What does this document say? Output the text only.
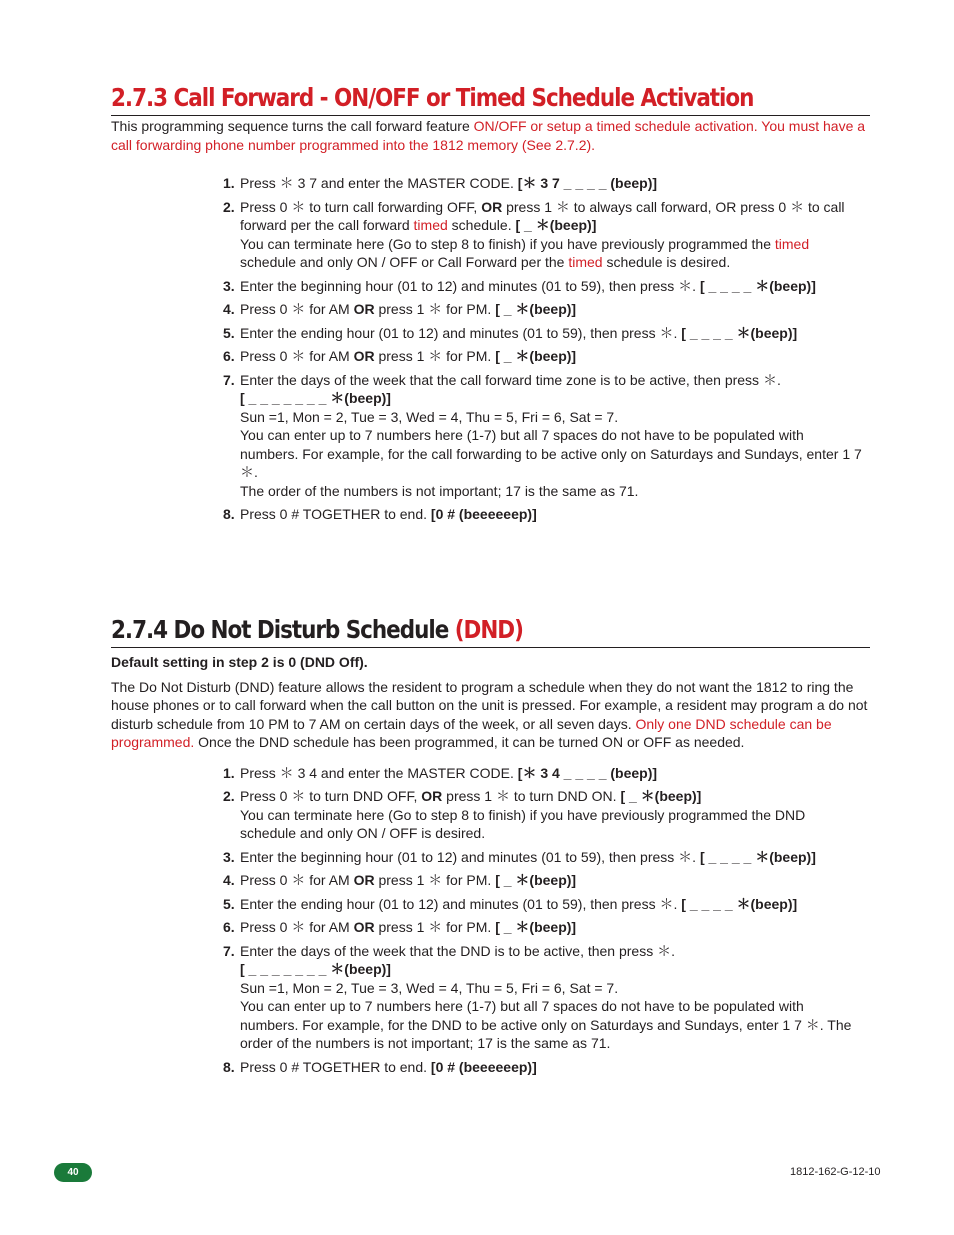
2.7.3 Call Forward - ON/OFF or Timed Schedule Activation
This programming sequence turns the call forward feature ON/OFF or setup a timed schedule activation. You must have a call forwarding phone number programmed into the 1812 memory (See 2.7.2).
1. Press ＊ 3 7 and enter the MASTER CODE. [＊ 3 7 _ _ _ _ (beep)]
2. Press 0 ＊ to turn call forwarding OFF, OR press 1 ＊ to always call forward, OR press 0 ＊ to call forward per the call forward timed schedule. [ _ ＊(beep)]
You can terminate here (Go to step 8 to finish) if you have previously programmed the timed schedule and only ON / OFF or Call Forward per the timed schedule is desired.
3. Enter the beginning hour (01 to 12) and minutes (01 to 59), then press ＊. [ _ _ _ _ ＊(beep)]
4. Press 0 ＊ for AM OR press 1 ＊ for PM. [ _ ＊(beep)]
5. Enter the ending hour (01 to 12) and minutes (01 to 59), then press ＊. [ _ _ _ _ ＊(beep)]
6. Press 0 ＊ for AM OR press 1 ＊ for PM. [ _ ＊(beep)]
7. Enter the days of the week that the call forward time zone is to be active, then press ＊.
[ _ _ _ _ _ _ _ ＊(beep)]
Sun =1, Mon = 2, Tue = 3, Wed = 4, Thu = 5, Fri = 6, Sat = 7.
You can enter up to 7 numbers here (1-7) but all 7 spaces do not have to be populated with numbers. For example, for the call forwarding to be active only on Saturdays and Sundays, enter 1 7 ＊.
The order of the numbers is not important; 17 is the same as 71.
8. Press 0 # TOGETHER to end. [0 # (beeeeeep)]
2.7.4 Do Not Disturb Schedule (DND)
Default setting in step 2 is 0 (DND Off).
The Do Not Disturb (DND) feature allows the resident to program a schedule when they do not want the 1812 to ring the house phones or to call forward when the call button on the unit is pressed. For example, a resident may program a do not disturb schedule from 10 PM to 7 AM on certain days of the week, or all seven days. Only one DND schedule can be programmed. Once the DND schedule has been programmed, it can be turned ON or OFF as needed.
1. Press ＊ 3 4 and enter the MASTER CODE. [＊ 3 4 _ _ _ _ (beep)]
2. Press 0 ＊ to turn DND OFF, OR press 1 ＊ to turn DND ON. [ _ ＊(beep)]
You can terminate here (Go to step 8 to finish) if you have previously programmed the DND schedule and only ON / OFF is desired.
3. Enter the beginning hour (01 to 12) and minutes (01 to 59), then press ＊. [ _ _ _ _ ＊(beep)]
4. Press 0 ＊ for AM OR press 1 ＊ for PM. [ _ ＊(beep)]
5. Enter the ending hour (01 to 12) and minutes (01 to 59), then press ＊. [ _ _ _ _ ＊(beep)]
6. Press 0 ＊ for AM OR press 1 ＊ for PM. [ _ ＊(beep)]
7. Enter the days of the week that the DND is to be active, then press ＊.
[ _ _ _ _ _ _ _ ＊(beep)]
Sun =1, Mon = 2, Tue = 3, Wed = 4, Thu = 5, Fri = 6, Sat = 7.
You can enter up to 7 numbers here (1-7) but all 7 spaces do not have to be populated with numbers. For example, for the DND to be active only on Saturdays and Sundays, enter 1 7 ＊. The order of the numbers is not important; 17 is the same as 71.
8. Press 0 # TOGETHER to end. [0 # (beeeeeep)]
40	1812-162-G-12-10
